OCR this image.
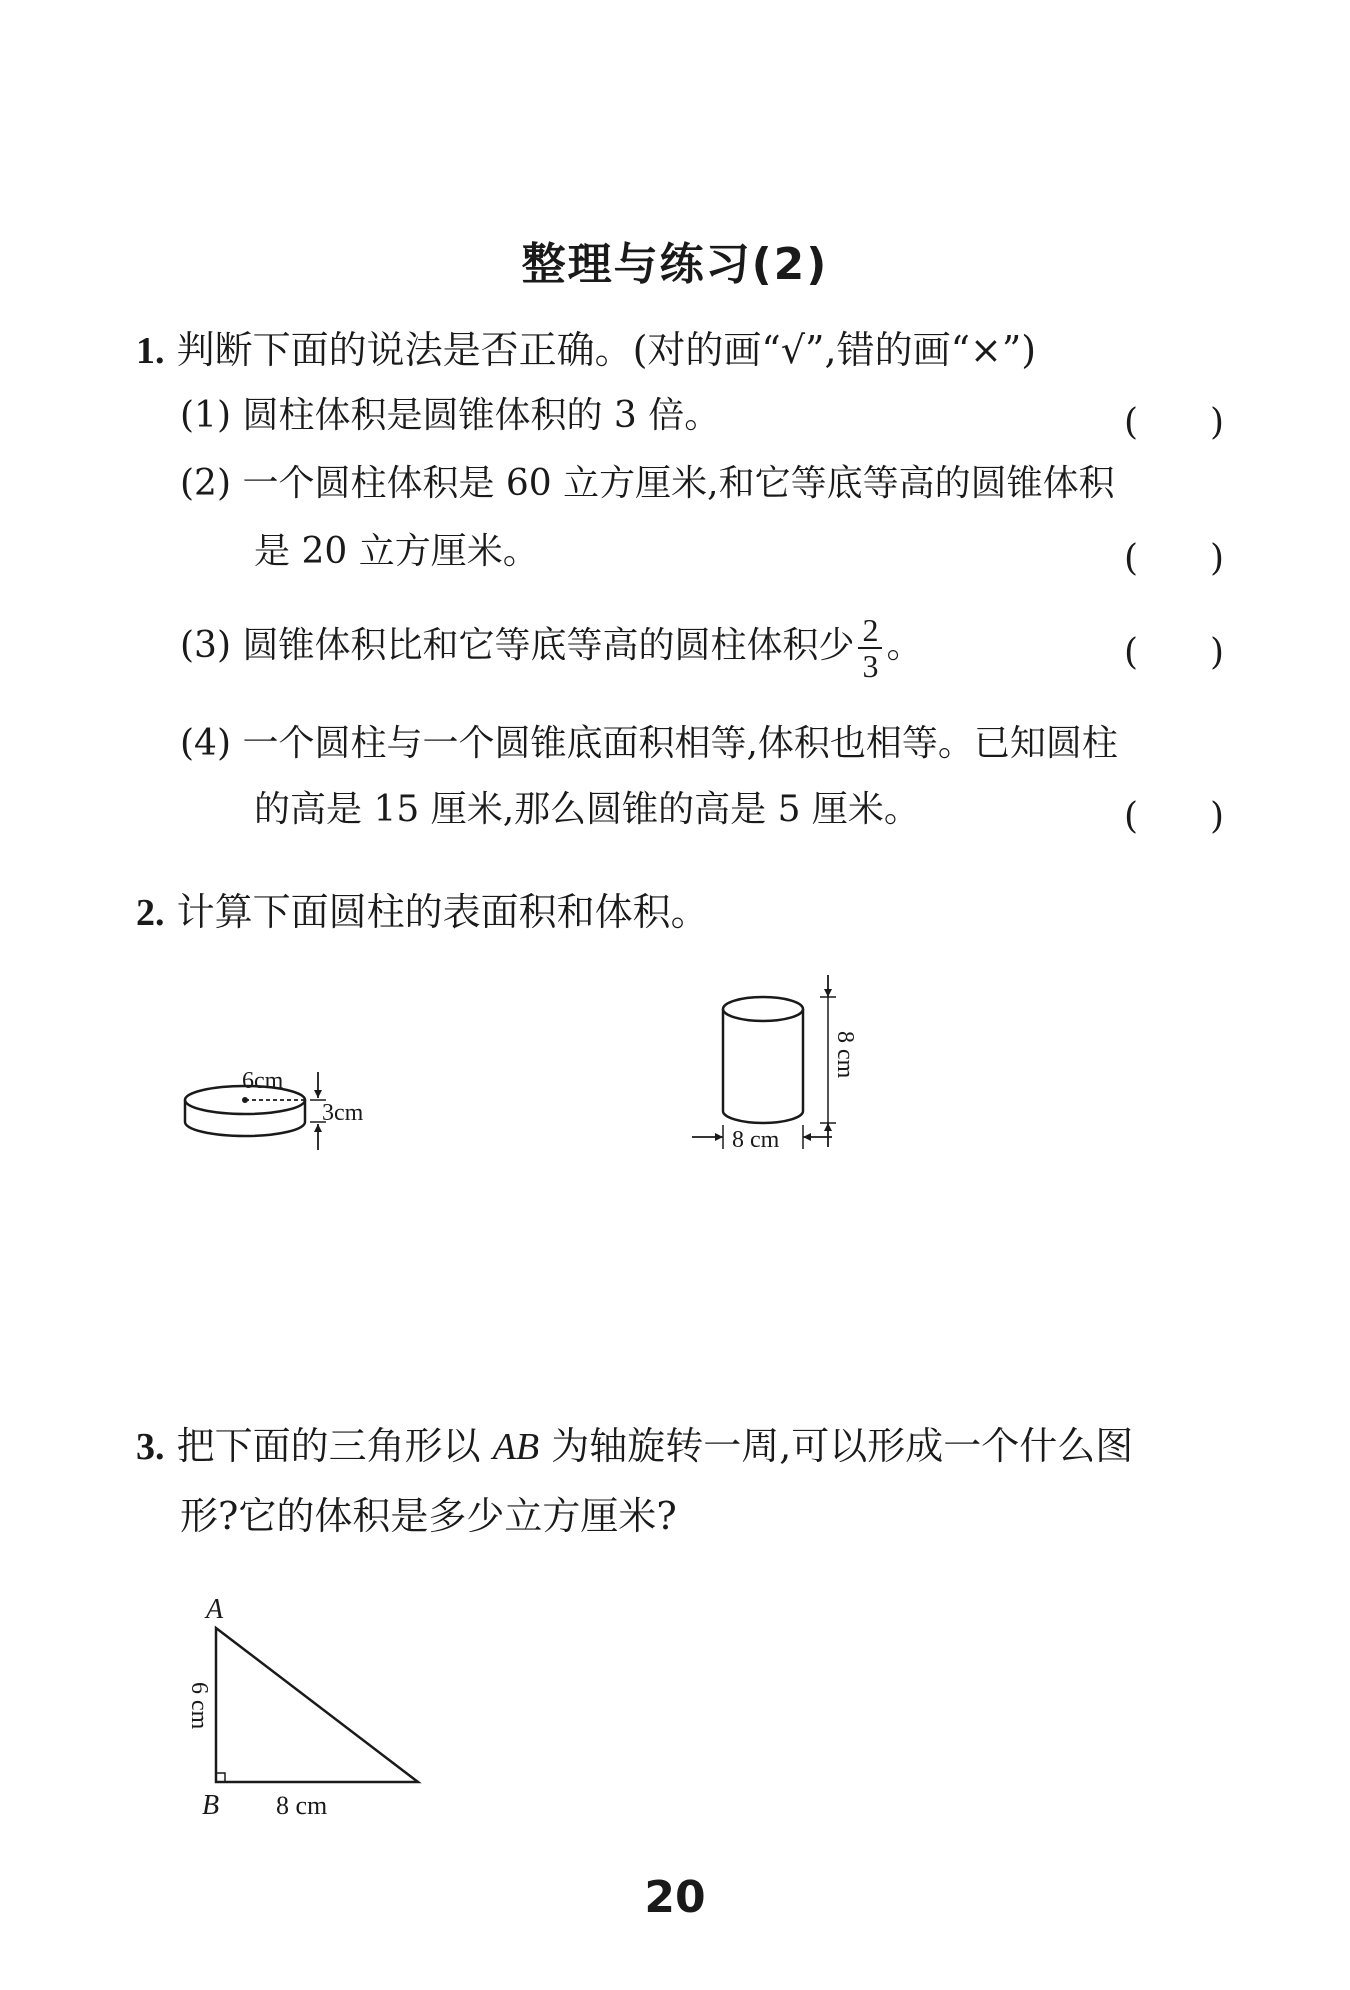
整理与练习(2)
1. 判断下面的说法是否正确。(对的画“√”,错的画“×”)
(1) 圆柱体积是圆锥体积的 3 倍。	(　　)
(2) 一个圆柱体积是 60 立方厘米,和它等底等高的圆锥体积
是 20 立方厘米。	(　　)
(3) 圆锥体积比和它等底等高的圆柱体积少 $\frac{2}{3}$ 。	(　　)
(4) 一个圆柱与一个圆锥底面积相等,体积也相等。已知圆柱
的高是 15 厘米,那么圆锥的高是 5 厘米。	(　　)
2. 计算下面圆柱的表面积和体积。
6cm
3cm
8 cm
8 cm
3. 把下面的三角形以 AB 为轴旋转一周,可以形成一个什么图
形?它的体积是多少立方厘米?
A
B
6 cm
8 cm
20
